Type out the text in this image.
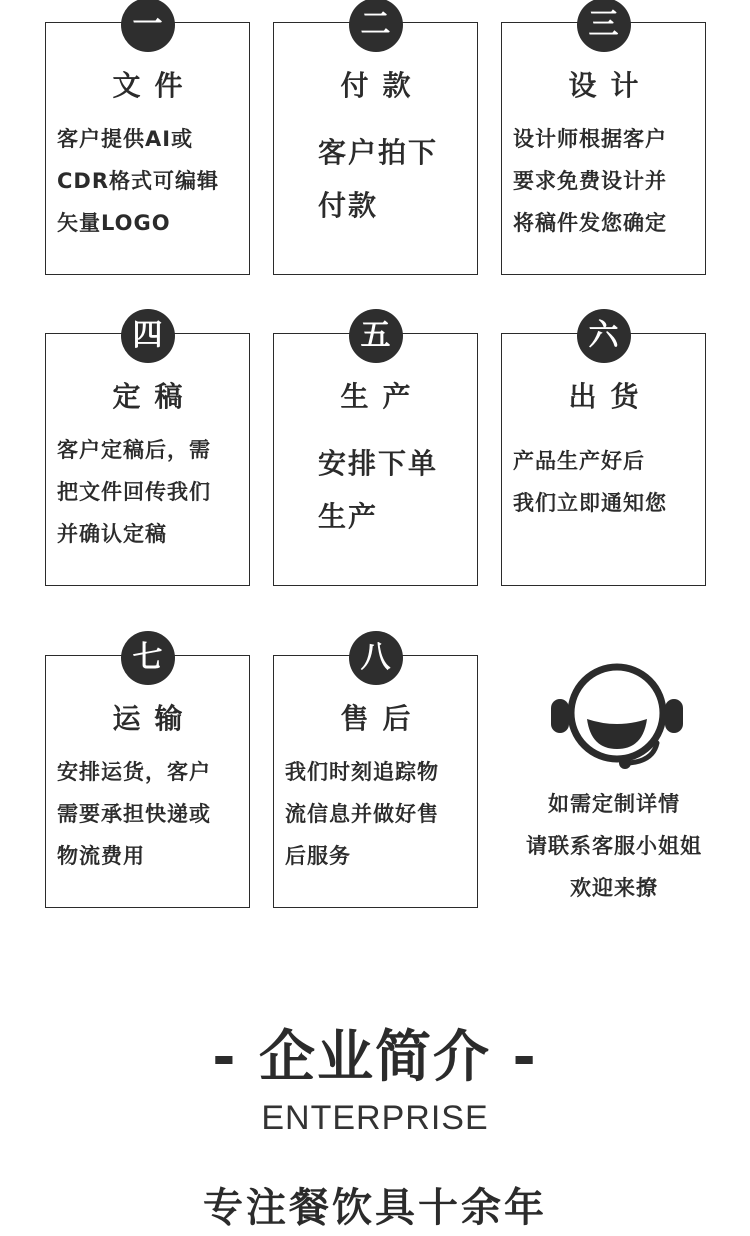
一
文件
客户提供AI或
CDR格式可编辑
矢量LOGO
二
付款
客户拍下
付款
三
设计
设计师根据客户
要求免费设计并
将稿件发您确定
四
定稿
客户定稿后，需
把文件回传我们
并确认定稿
五
生产
安排下单
生产
六
出货
产品生产好后
我们立即通知您
七
运输
安排运货，客户
需要承担快递或
物流费用
八
售后
我们时刻追踪物
流信息并做好售
后服务
如需定制详情
请联系客服小姐姐
欢迎来撩
- 企业简介 -
ENTERPRISE
专注餐饮具十余年
